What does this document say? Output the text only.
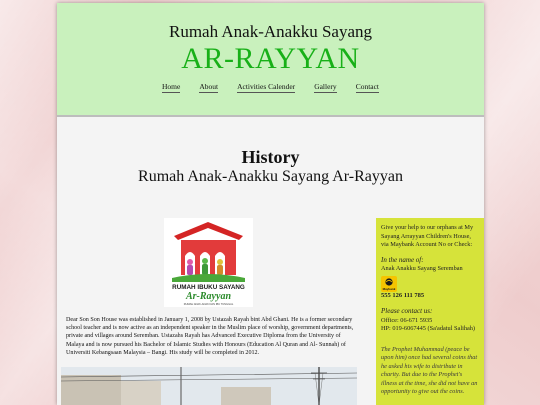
Rumah Anak-Anakku Sayang
AR-RAYYAN
Home	About	Activities Calender	Gallery	Contact
History
Rumah Anak-Anakku Sayang Ar-Rayyan
RUMAH IBUKU SAYANG
Ar-Rayyan
RUMAH ANAK-ANAK DAN IBU TUNGGAL
Dear Son Son House was established in January 1, 2008 by Ustazah Rayah bint Abd Ghani. He is a former secondary school teacher and is now active as an independent speaker in the Muslim place of worship, government departments, private and villages around Seremban. Ustazahs Rayah has Advanced Executive Diploma from the University of Malaya and is now pursued his Bachelor of Islamic Studies with Honours (Education Al Quran and Al- Sunnah) of Universiti Kebangsaan Malaysia – Bangi. His study will be completed in 2012.

Give your help to our orphans at My Sayang Arrayyan Children's House, via Maybank Account No or Check:

In the name of:

Anak Anakku Sayang Seremban

Maybank

555 126 111 785

Please contact us:

Office: 06-671 5935

HP: 019-6067445 (Sa'adatul Salihah)

The Prophet Muhammad (peace be upon him) once had several coins that he asked his wife to distribute in charity. But due to the Prophet's illness at the time, she did not have an opportunity to give out the coins.
